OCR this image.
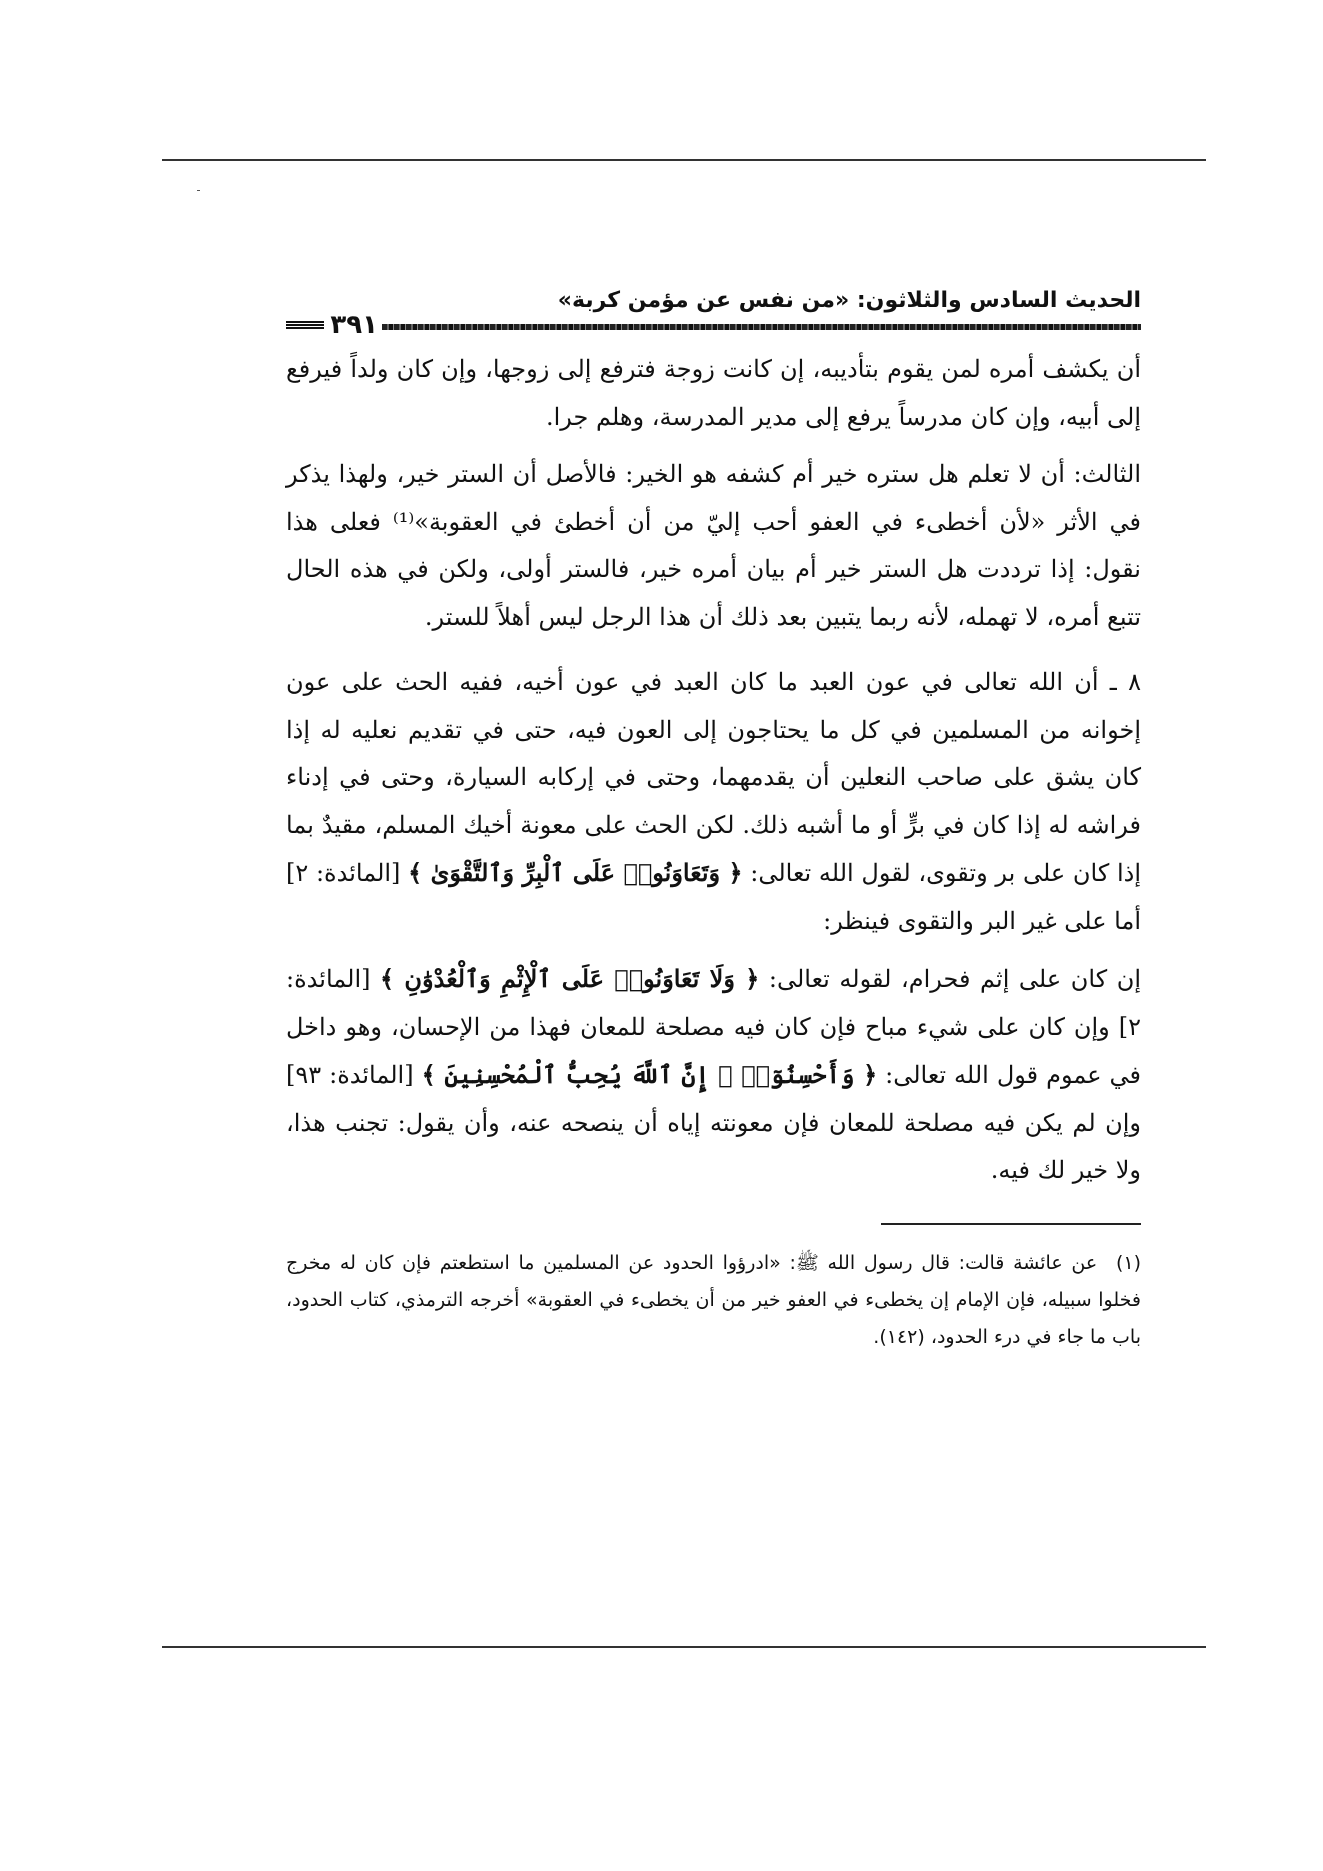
الحديث السادس والثلاثون: «من نفس عن مؤمن كربة»
٣٩١

أن يكشف أمره لمن يقوم بتأديبه، إن كانت زوجة فترفع إلى زوجها، وإن كان ولداً فيرفع إلى أبيه، وإن كان مدرساً يرفع إلى مدير المدرسة، وهلم جرا.

الثالث: أن لا تعلم هل ستره خير أم كشفه هو الخير: فالأصل أن الستر خير، ولهذا يذكر في الأثر «لأن أخطىء في العفو أحب إليّ من أن أخطئ في العقوبة»⁽¹⁾ فعلى هذا نقول: إذا ترددت هل الستر خير أم بيان أمره خير، فالستر أولى، ولكن في هذه الحال تتبع أمره، لا تهمله، لأنه ربما يتبين بعد ذلك أن هذا الرجل ليس أهلاً للستر.

٨ ـ أن الله تعالى في عون العبد ما كان العبد في عون أخيه، ففيه الحث على عون إخوانه من المسلمين في كل ما يحتاجون إلى العون فيه، حتى في تقديم نعليه له إذا كان يشق على صاحب النعلين أن يقدمهما، وحتى في إركابه السيارة، وحتى في إدناء فراشه له إذا كان في برٍّ أو ما أشبه ذلك. لكن الحث على معونة أخيك المسلم، مقيدٌ بما إذا كان على بر وتقوى، لقول الله تعالى: ﴿ وَتَعَاوَنُوا۟ عَلَى ٱلْبِرِّ وَٱلتَّقْوَىٰ ﴾ [المائدة: ٢] أما على غير البر والتقوى فينظر:

إن كان على إثم فحرام، لقوله تعالى: ﴿ وَلَا تَعَاوَنُوا۟ عَلَى ٱلْإِثْمِ وَٱلْعُدْوَٰنِ ﴾ [المائدة: ٢] وإن كان على شيء مباح فإن كان فيه مصلحة للمعان فهذا من الإحسان، وهو داخل في عموم قول الله تعالى: ﴿ وَأَحْسِنُوٓا۟ ۛ إِنَّ ٱللَّهَ يُحِبُّ ٱلْمُحْسِنِينَ ﴾ [المائدة: ٩٣] وإن لم يكن فيه مصلحة للمعان فإن معونته إياه أن ينصحه عنه، وأن يقول: تجنب هذا، ولا خير لك فيه.

(١) عن عائشة قالت: قال رسول الله ﷺ: «ادرؤوا الحدود عن المسلمين ما استطعتم فإن كان له مخرج فخلوا سبيله، فإن الإمام إن يخطىء في العفو خير من أن يخطىء في العقوبة» أخرجه الترمذي، كتاب الحدود، باب ما جاء في درء الحدود، (١٤٢).
